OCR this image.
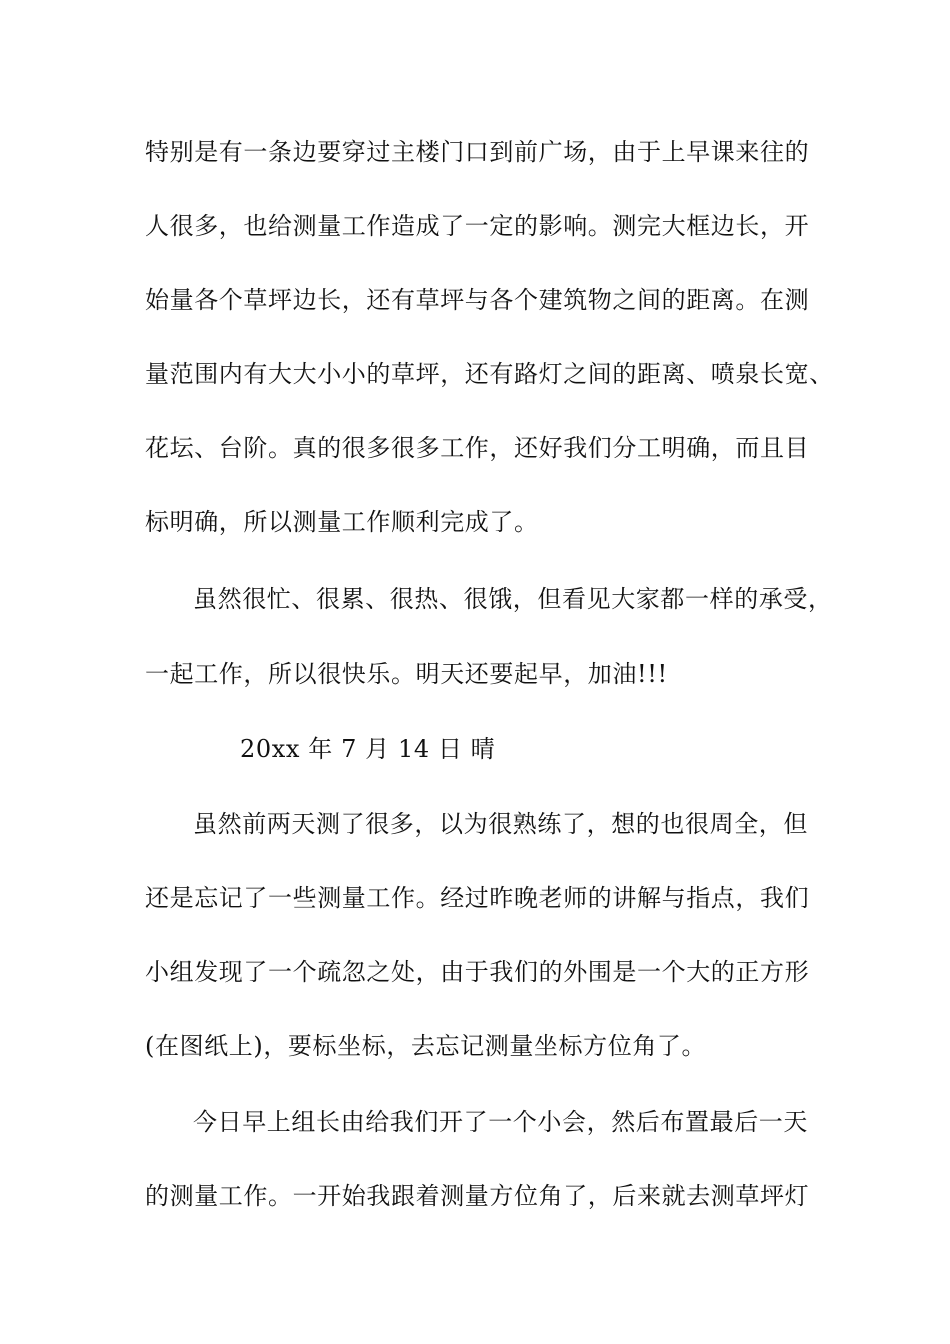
特别是有一条边要穿过主楼门口到前广场，由于上早课来往的
人很多，也给测量工作造成了一定的影响。测完大框边长，开
始量各个草坪边长，还有草坪与各个建筑物之间的距离。在测
量范围内有大大小小的草坪，还有路灯之间的距离、喷泉长宽、
花坛、台阶。真的很多很多工作，还好我们分工明确，而且目
标明确，所以测量工作顺利完成了。
虽然很忙、很累、很热、很饿，但看见大家都一样的承受，
一起工作，所以很快乐。明天还要起早，加油!!!
20xx 年 7 月 14 日 晴
虽然前两天测了很多，以为很熟练了，想的也很周全，但
还是忘记了一些测量工作。经过昨晚老师的讲解与指点，我们
小组发现了一个疏忽之处，由于我们的外围是一个大的正方形
(在图纸上)，要标坐标，去忘记测量坐标方位角了。
今日早上组长由给我们开了一个小会，然后布置最后一天
的测量工作。一开始我跟着测量方位角了，后来就去测草坪灯
